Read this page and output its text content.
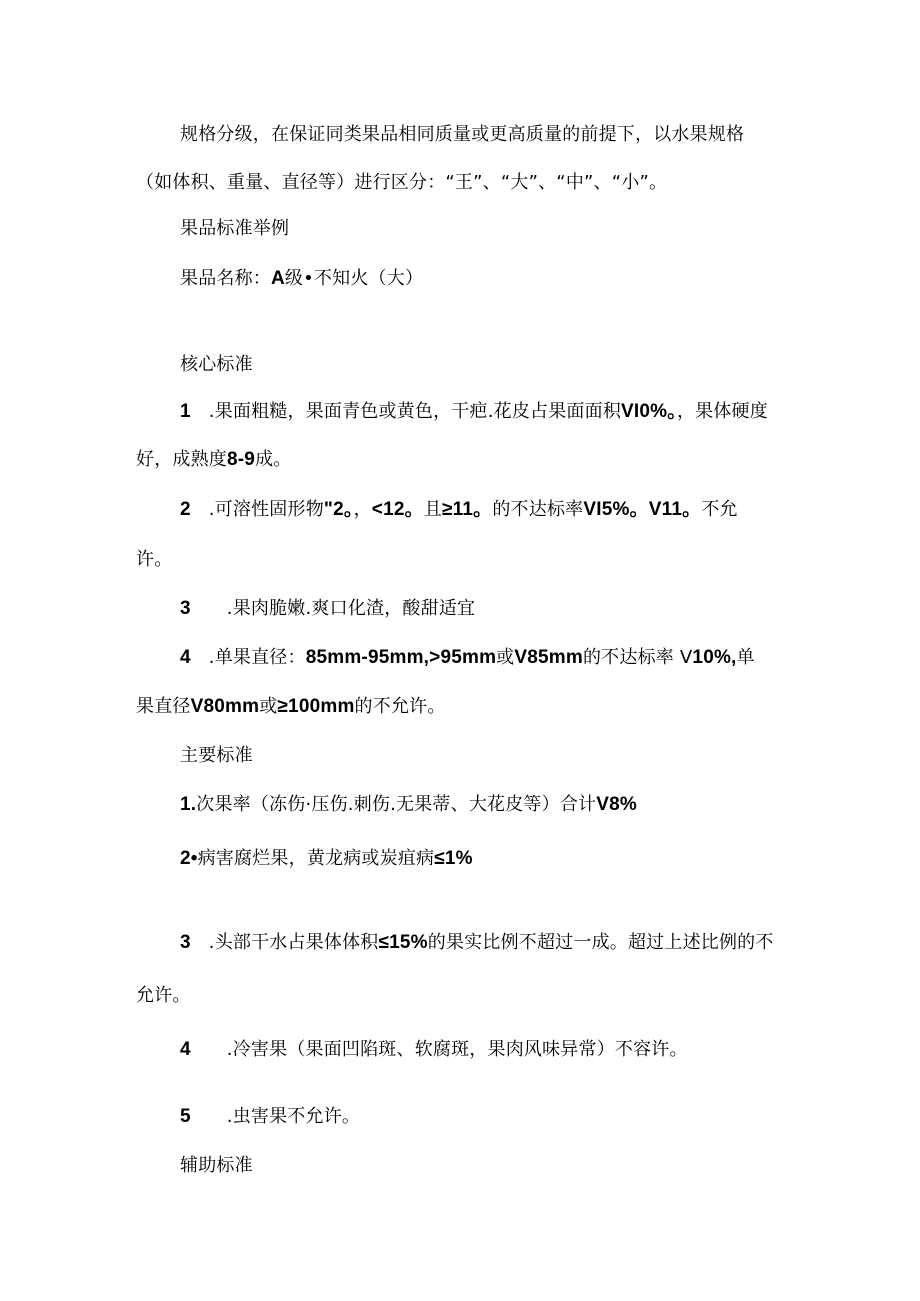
规格分级，在保证同类果品相同质量或更高质量的前提下，以水果规格
（如体积、重量、直径等）进行区分：“王”、“大”、“中”、“小”。
果品标准举例
果品名称：A级•不知火（大）
核心标准
1 .果面粗糙，果面青色或黄色，干疤.花皮占果面面积VI0%。，果体硬度
好，成熟度8-9成。
2 .可溶性固形物"2。，<12。且≥11。的不达标率VI5%。V11。不允
许。
3 .果肉脆嫩.爽口化渣，酸甜适宜
4 .单果直径：85mm-95mm,>95mm或V85mm的不达标率 V10%,单
果直径V80mm或≥100mm的不允许。
主要标准
1.次果率（冻伤·压伤.刺伤.无果蒂、大花皮等）合计V8%
2•病害腐烂果，黄龙病或炭疽病≤1%
3 .头部干水占果体体积≤15%的果实比例不超过一成。超过上述比例的不
允许。
4 .冷害果（果面凹陷斑、软腐斑，果肉风味异常）不容许。
5 .虫害果不允许。
辅助标准
